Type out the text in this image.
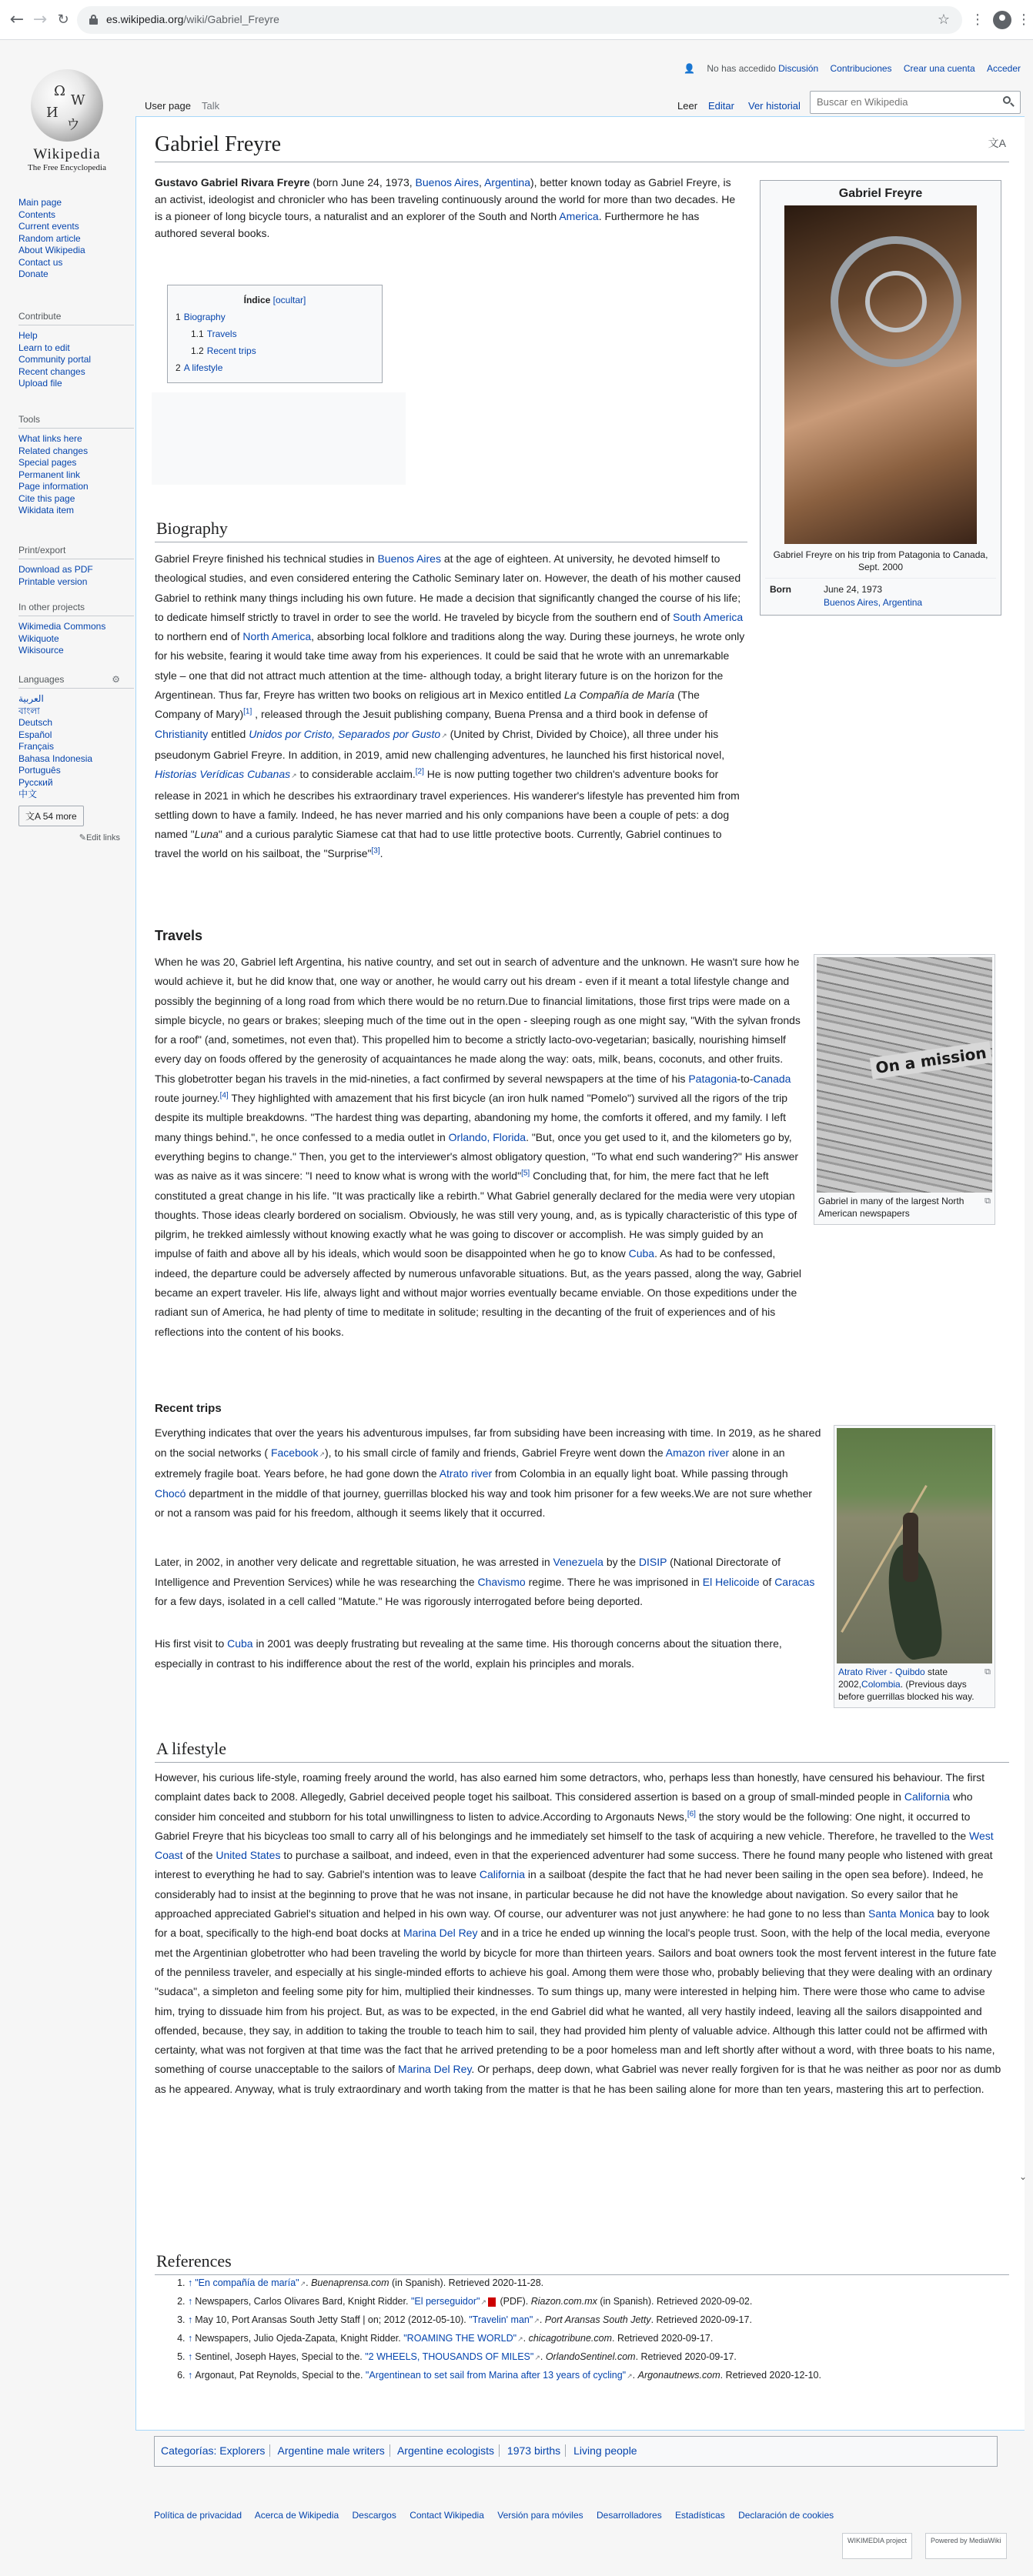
← → ↻	es.wikipedia.org/wiki/Gabriel_Freyre	☆ ⋮ ⋮
Ω
W
И
ウ
Wikipedia
The Free Encyclopedia
Main page
Contents
Current events
Random article
About Wikipedia
Contact us
Donate
Contribute
Help
Learn to edit
Community portal
Recent changes
Upload file
Tools
What links here
Related changes
Special pages
Permanent link
Page information
Cite this page
Wikidata item
Print/export
Download as PDF
Printable version
In other projects
Wikimedia Commons
Wikiquote
Wikisource
Languages	⚙
العربية
বাংলা
Deutsch
Español
Français
Bahasa Indonesia
Português
Русский
中文
文A 54 more
✎Edit links
👤 No has accedido Discusión Contribuciones Crear una cuenta Acceder
User page Talk	Leer Editar Ver historial
Buscar en Wikipedia
Gabriel Freyre	文A
Gustavo Gabriel Rivara Freyre (born June 24, 1973, Buenos Aires, Argentina), better known today as Gabriel Freyre, is an activist, ideologist and chronicler who has been traveling continuously around the world for more than two decades. He is a pioneer of long bicycle tours, a naturalist and an explorer of the South and North America. Furthermore he has authored several books.
Gabriel Freyre
Gabriel Freyre on his trip from Patagonia to Canada, Sept. 2000
Born	June 24, 1973
Buenos Aires, Argentina
Índice [ocultar]
1 Biography
1.1 Travels
1.2 Recent trips
2 A lifestyle
Biography
Gabriel Freyre finished his technical studies in Buenos Aires at the age of eighteen. At university, he devoted himself to theological studies, and even considered entering the Catholic Seminary later on. However, the death of his mother caused Gabriel to rethink many things including his own future. He made a decision that significantly changed the course of his life; to dedicate himself strictly to travel in order to see the world. He traveled by bicycle from the southern end of South America to northern end of North America, absorbing local folklore and traditions along the way. During these journeys, he wrote only for his website, fearing it would take time away from his experiences. It could be said that he wrote with an unremarkable style – one that did not attract much attention at the time- although today, a bright literary future is on the horizon for the Argentinean. Thus far, Freyre has written two books on religious art in Mexico entitled La Compañía de María (The Company of Mary)[1] , released through the Jesuit publishing company, Buena Prensa and a third book in defense of Christianity entitled Unidos por Cristo, Separados por Gusto ↗ (United by Christ, Divided by Choice), all three under his pseudonym Gabriel Freyre. In addition, in 2019, amid new challenging adventures, he launched his first historical novel, Historias Verídicas Cubanas ↗ to considerable acclaim.[2] He is now putting together two children's adventure books for release in 2021 in which he describes his extraordinary travel experiences. His wanderer's lifestyle has prevented him from settling down to have a family. Indeed, he has never married and his only companions have been a couple of pets: a dog named "Luna" and a curious paralytic Siamese cat that had to use little protective boots. Currently, Gabriel continues to travel the world on his sailboat, the "Surprise"[3].
Travels
On a mission
⧉
Gabriel in many of the largest North American newspapers
When he was 20, Gabriel left Argentina, his native country, and set out in search of adventure and the unknown. He wasn't sure how he would achieve it, but he did know that, one way or another, he would carry out his dream - even if it meant a total lifestyle change and possibly the beginning of a long road from which there would be no return.Due to financial limitations, those first trips were made on a simple bicycle, no gears or brakes; sleeping much of the time out in the open - sleeping rough as one might say, "With the sylvan fronds for a roof" (and, sometimes, not even that). This propelled him to become a strictly lacto-ovo-vegetarian; basically, nourishing himself every day on foods offered by the generosity of acquaintances he made along the way: oats, milk, beans, coconuts, and other fruits. This globetrotter began his travels in the mid-nineties, a fact confirmed by several newspapers at the time of his Patagonia-to-Canada route journey.[4] They highlighted with amazement that his first bicycle (an iron hulk named "Pomelo") survived all the rigors of the trip despite its multiple breakdowns. "The hardest thing was departing, abandoning my home, the comforts it offered, and my family. I left many things behind.", he once confessed to a media outlet in Orlando, Florida. "But, once you get used to it, and the kilometers go by, everything begins to change." Then, you get to the interviewer's almost obligatory question, "To what end such wandering?" His answer was as naive as it was sincere: "I need to know what is wrong with the world"[5] Concluding that, for him, the mere fact that he left constituted a great change in his life. "It was practically like a rebirth." What Gabriel generally declared for the media were very utopian thoughts. Those ideas clearly bordered on socialism. Obviously, he was still very young, and, as is typically characteristic of this type of pilgrim, he trekked aimlessly without knowing exactly what he was going to discover or accomplish. He was simply guided by an impulse of faith and above all by his ideals, which would soon be disappointed when he go to know Cuba. As had to be confessed, indeed, the departure could be adversely affected by numerous unfavorable situations. But, as the years passed, along the way, Gabriel became an expert traveler. His life, always light and without major worries eventually became enviable. On those expeditions under the radiant sun of America, he had plenty of time to meditate in solitude; resulting in the decanting of the fruit of experiences and of his reflections into the content of his books.
Recent trips
⧉
Atrato River - Quibdo state 2002,Colombia. (Previous days before guerrillas blocked his way.
Everything indicates that over the years his adventurous impulses, far from subsiding have been increasing with time. In 2019, as he shared on the social networks ( Facebook ↗ ), to his small circle of family and friends, Gabriel Freyre went down the Amazon river alone in an extremely fragile boat. Years before, he had gone down the Atrato river from Colombia in an equally light boat. While passing through Chocó department in the middle of that journey, guerrillas blocked his way and took him prisoner for a few weeks.We are not sure whether or not a ransom was paid for his freedom, although it seems likely that it occurred.
Later, in 2002, in another very delicate and regrettable situation, he was arrested in Venezuela by the DISIP (National Directorate of Intelligence and Prevention Services) while he was researching the Chavismo regime. There he was imprisoned in El Helicoide of Caracas for a few days, isolated in a cell called "Matute." He was rigorously interrogated before being deported.
His first visit to Cuba in 2001 was deeply frustrating but revealing at the same time. His thorough concerns about the situation there, especially in contrast to his indifference about the rest of the world, explain his principles and morals.
A lifestyle
However, his curious life-style, roaming freely around the world, has also earned him some detractors, who, perhaps less than honestly, have censured his behaviour. The first complaint dates back to 2008. Allegedly, Gabriel deceived people toget his sailboat. This considered assertion is based on a group of small-minded people in California who consider him conceited and stubborn for his total unwillingness to listen to advice.According to Argonauts News,[6] the story would be the following: One night, it occurred to Gabriel Freyre that his bicycleas too small to carry all of his belongings and he immediately set himself to the task of acquiring a new vehicle. Therefore, he travelled to the West Coast of the United States to purchase a sailboat, and indeed, even in that the experienced adventurer had some success. There he found many people who listened with great interest to everything he had to say. Gabriel's intention was to leave California in a sailboat (despite the fact that he had never been sailing in the open sea before). Indeed, he considerably had to insist at the beginning to prove that he was not insane, in particular because he did not have the knowledge about navigation. So every sailor that he approached appreciated Gabriel's situation and helped in his own way. Of course, our adventurer was not just anywhere: he had gone to no less than Santa Monica bay to look for a boat, specifically to the high-end boat docks at Marina Del Rey and in a trice he ended up winning the local's people trust. Soon, with the help of the local media, everyone met the Argentinian globetrotter who had been traveling the world by bicycle for more than thirteen years. Sailors and boat owners took the most fervent interest in the future fate of the penniless traveler, and especially at his single-minded efforts to achieve his goal. Among them were those who, probably believing that they were dealing with an ordinary "sudaca", a simpleton and feeling some pity for him, multiplied their kindnesses. To sum things up, many were interested in helping him. There were those who came to advise him, trying to dissuade him from his project. But, as was to be expected, in the end Gabriel did what he wanted, all very hastily indeed, leaving all the sailors disappointed and offended, because, they say, in addition to taking the trouble to teach him to sail, they had provided him plenty of valuable advice. Although this latter could not be affirmed with certainty, what was not forgiven at that time was the fact that he arrived pretending to be a poor homeless man and left shortly after without a word, with three boats to his name, something of course unacceptable to the sailors of Marina Del Rey. Or perhaps, deep down, what Gabriel was never really forgiven for is that he was neither as poor nor as dumb as he appeared. Anyway, what is truly extraordinary and worth taking from the matter is that he has been sailing alone for more than ten years, mastering this art to perfection.
References
1. ↑ "En compañía de maría" ↗ . Buenaprensa.com (in Spanish). Retrieved 2020-11-28.
2. ↑ Newspapers, Carlos Olivares Bard, Knight Ridder. "El perseguidor" ↗ (PDF). Riazon.com.mx (in Spanish). Retrieved 2020-09-02.
3. ↑ May 10, Port Aransas South Jetty Staff | on; 2012 (2012-05-10). "Travelin' man" ↗ . Port Aransas South Jetty. Retrieved 2020-09-17.
4. ↑ Newspapers, Julio Ojeda-Zapata, Knight Ridder. "ROAMING THE WORLD" ↗ . chicagotribune.com. Retrieved 2020-09-17.
5. ↑ Sentinel, Joseph Hayes, Special to the. "2 WHEELS, THOUSANDS OF MILES" ↗ . OrlandoSentinel.com. Retrieved 2020-09-17.
6. ↑ Argonaut, Pat Reynolds, Special to the. "Argentinean to set sail from Marina after 13 years of cycling" ↗ . Argonautnews.com. Retrieved 2020-12-10.
Categorías: Explorers Argentine male writers Argentine ecologists 1973 births Living people
⌄
Política de privacidad Acerca de Wikipedia Descargos Contact Wikipedia Versión para móviles Desarrolladores Estadísticas Declaración de cookies
WIKIMEDIA project	Powered by MediaWiki
